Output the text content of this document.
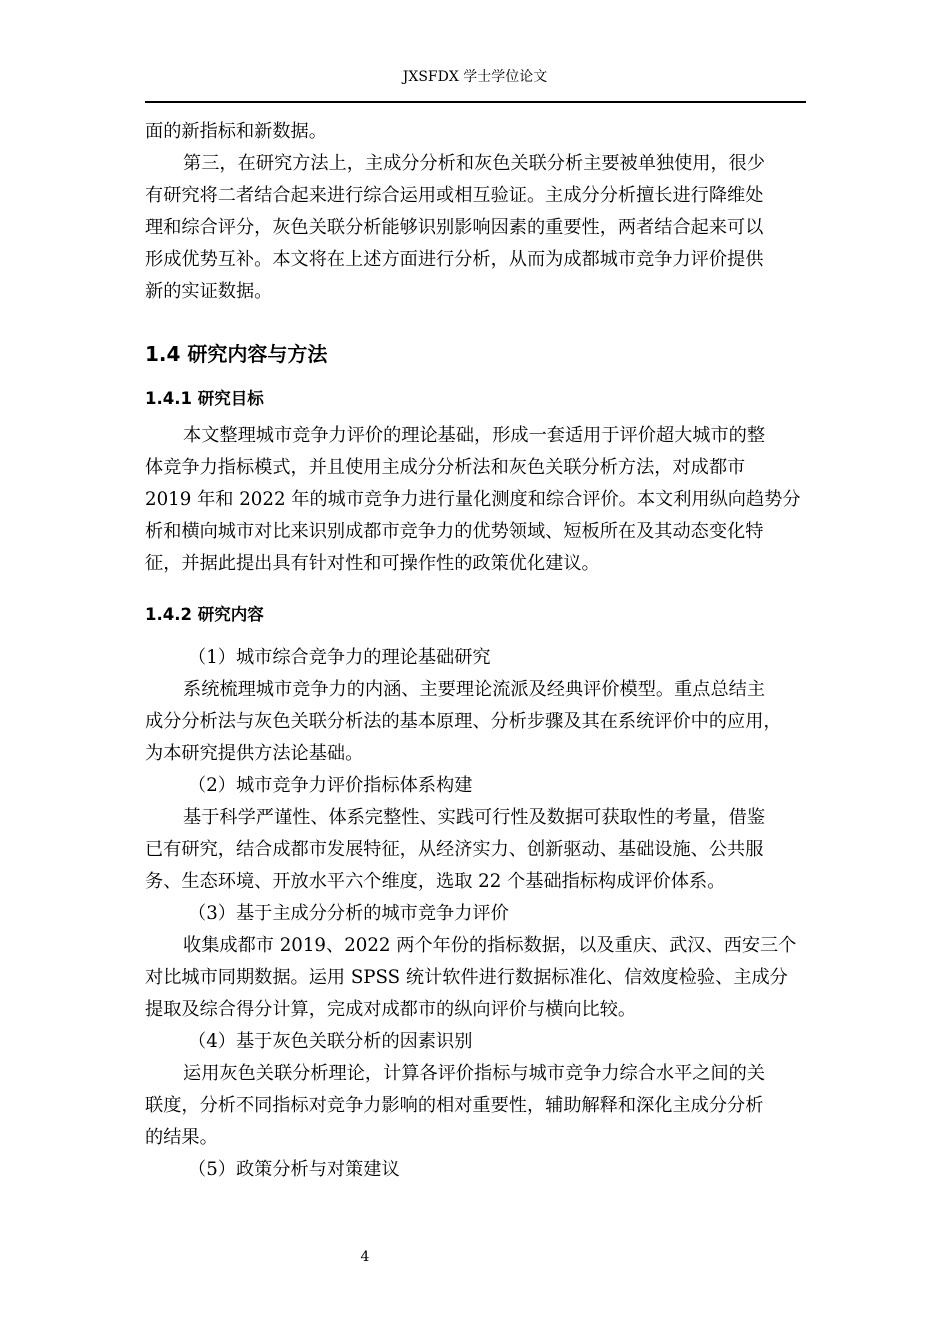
JXSFDX 学士学位论文
面的新指标和新数据。
第三，在研究方法上，主成分分析和灰色关联分析主要被单独使用，很少
有研究将二者结合起来进行综合运用或相互验证。主成分分析擅长进行降维处
理和综合评分，灰色关联分析能够识别影响因素的重要性，两者结合起来可以
形成优势互补。本文将在上述方面进行分析，从而为成都城市竞争力评价提供
新的实证数据。
1.4 研究内容与方法
1.4.1 研究目标
本文整理城市竞争力评价的理论基础，形成一套适用于评价超大城市的整
体竞争力指标模式，并且使用主成分分析法和灰色关联分析方法，对成都市
2019 年和 2022 年的城市竞争力进行量化测度和综合评价。本文利用纵向趋势分
析和横向城市对比来识别成都市竞争力的优势领域、短板所在及其动态变化特
征，并据此提出具有针对性和可操作性的政策优化建议。
1.4.2 研究内容
（1）城市综合竞争力的理论基础研究
系统梳理城市竞争力的内涵、主要理论流派及经典评价模型。重点总结主
成分分析法与灰色关联分析法的基本原理、分析步骤及其在系统评价中的应用，
为本研究提供方法论基础。
（2）城市竞争力评价指标体系构建
基于科学严谨性、体系完整性、实践可行性及数据可获取性的考量，借鉴
已有研究，结合成都市发展特征，从经济实力、创新驱动、基础设施、公共服
务、生态环境、开放水平六个维度，选取 22 个基础指标构成评价体系。
（3）基于主成分分析的城市竞争力评价
收集成都市 2019、2022 两个年份的指标数据，以及重庆、武汉、西安三个
对比城市同期数据。运用 SPSS 统计软件进行数据标准化、信效度检验、主成分
提取及综合得分计算，完成对成都市的纵向评价与横向比较。
（4）基于灰色关联分析的因素识别
运用灰色关联分析理论，计算各评价指标与城市竞争力综合水平之间的关
联度，分析不同指标对竞争力影响的相对重要性，辅助解释和深化主成分分析
的结果。
（5）政策分析与对策建议
4
